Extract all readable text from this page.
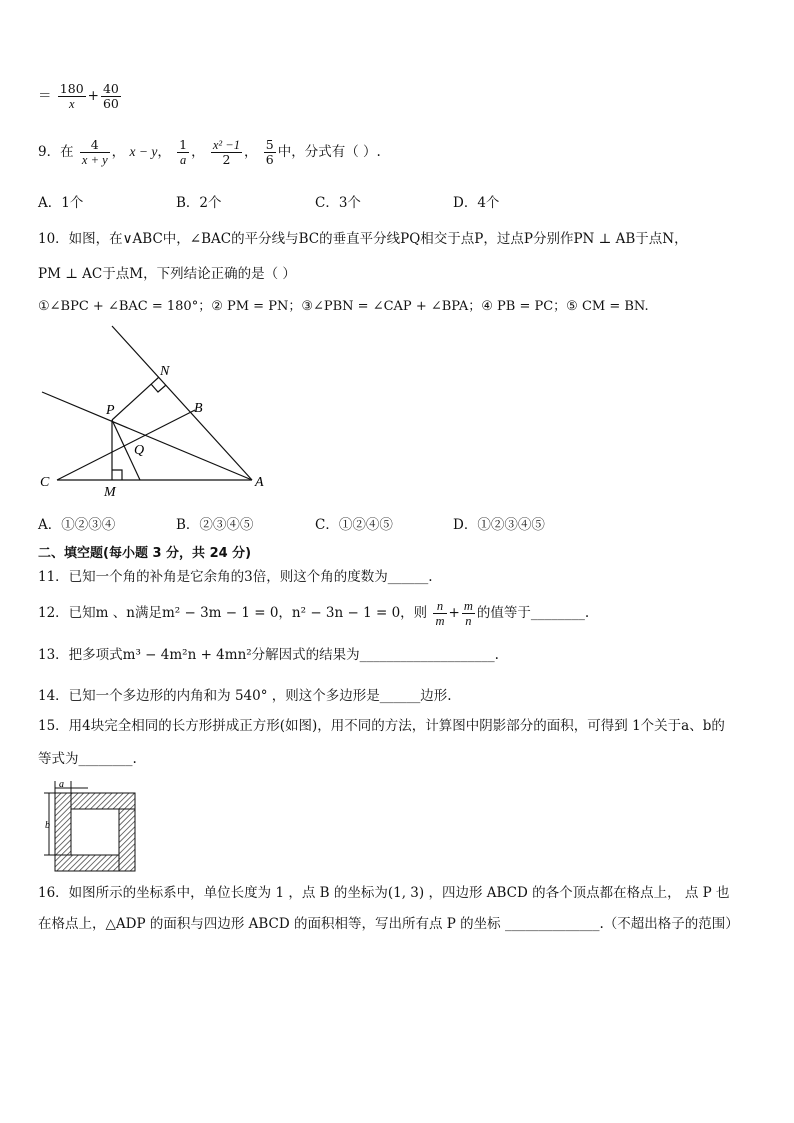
＝ $\frac{180}{x} + \frac{40}{60}$
9．在 $\frac{4}{x + y}$ ， x − y， $\frac{1}{a}$ ， $\frac{\text{x² −1}}{2}$ ， $\frac{5}{6}$ 中，分式有（ ）.
A．1个	B．2个	C．3个	D．4个
10．如图，在∨ABC中，∠BAC的平分线与BC的垂直平分线PQ相交于点P，过点P分别作PN ⊥ AB于点N，
PM ⊥ AC于点M，下列结论正确的是（ ）
①∠BPC + ∠BAC = 180°；② PM = PN；③∠PBN = ∠CAP + ∠BPA；④ PB = PC；⑤ CM = BN.
N
P	B
Q
C
M
A
A．①②③④	B．②③④⑤	C．①②④⑤	D．①②③④⑤
二、填空题(每小题 3 分，共 24 分)
11．已知一个角的补角是它余角的3倍，则这个角的度数为______.
12．已知m 、n满足m² − 3m − 1 = 0，n² − 3n − 1 = 0，则 $\frac{n}{m} + \frac{m}{n}$ 的值等于________.
13．把多项式m³ − 4m²n + 4mn²分解因式的结果为____________________.
14．已知一个多边形的内角和为 540° ，则这个多边形是______边形.
15．用4块完全相同的长方形拼成正方形(如图)，用不同的方法，计算图中阴影部分的面积，可得到 1个关于a、b的
等式为________.
a
b
16．如图所示的坐标系中，单位长度为 1 ，点 B 的坐标为(1, 3) ，四边形 ABCD 的各个顶点都在格点上， 点 P 也
在格点上，△ADP 的面积与四边形 ABCD 的面积相等，写出所有点 P 的坐标 ______________.（不超出格子的范围）
